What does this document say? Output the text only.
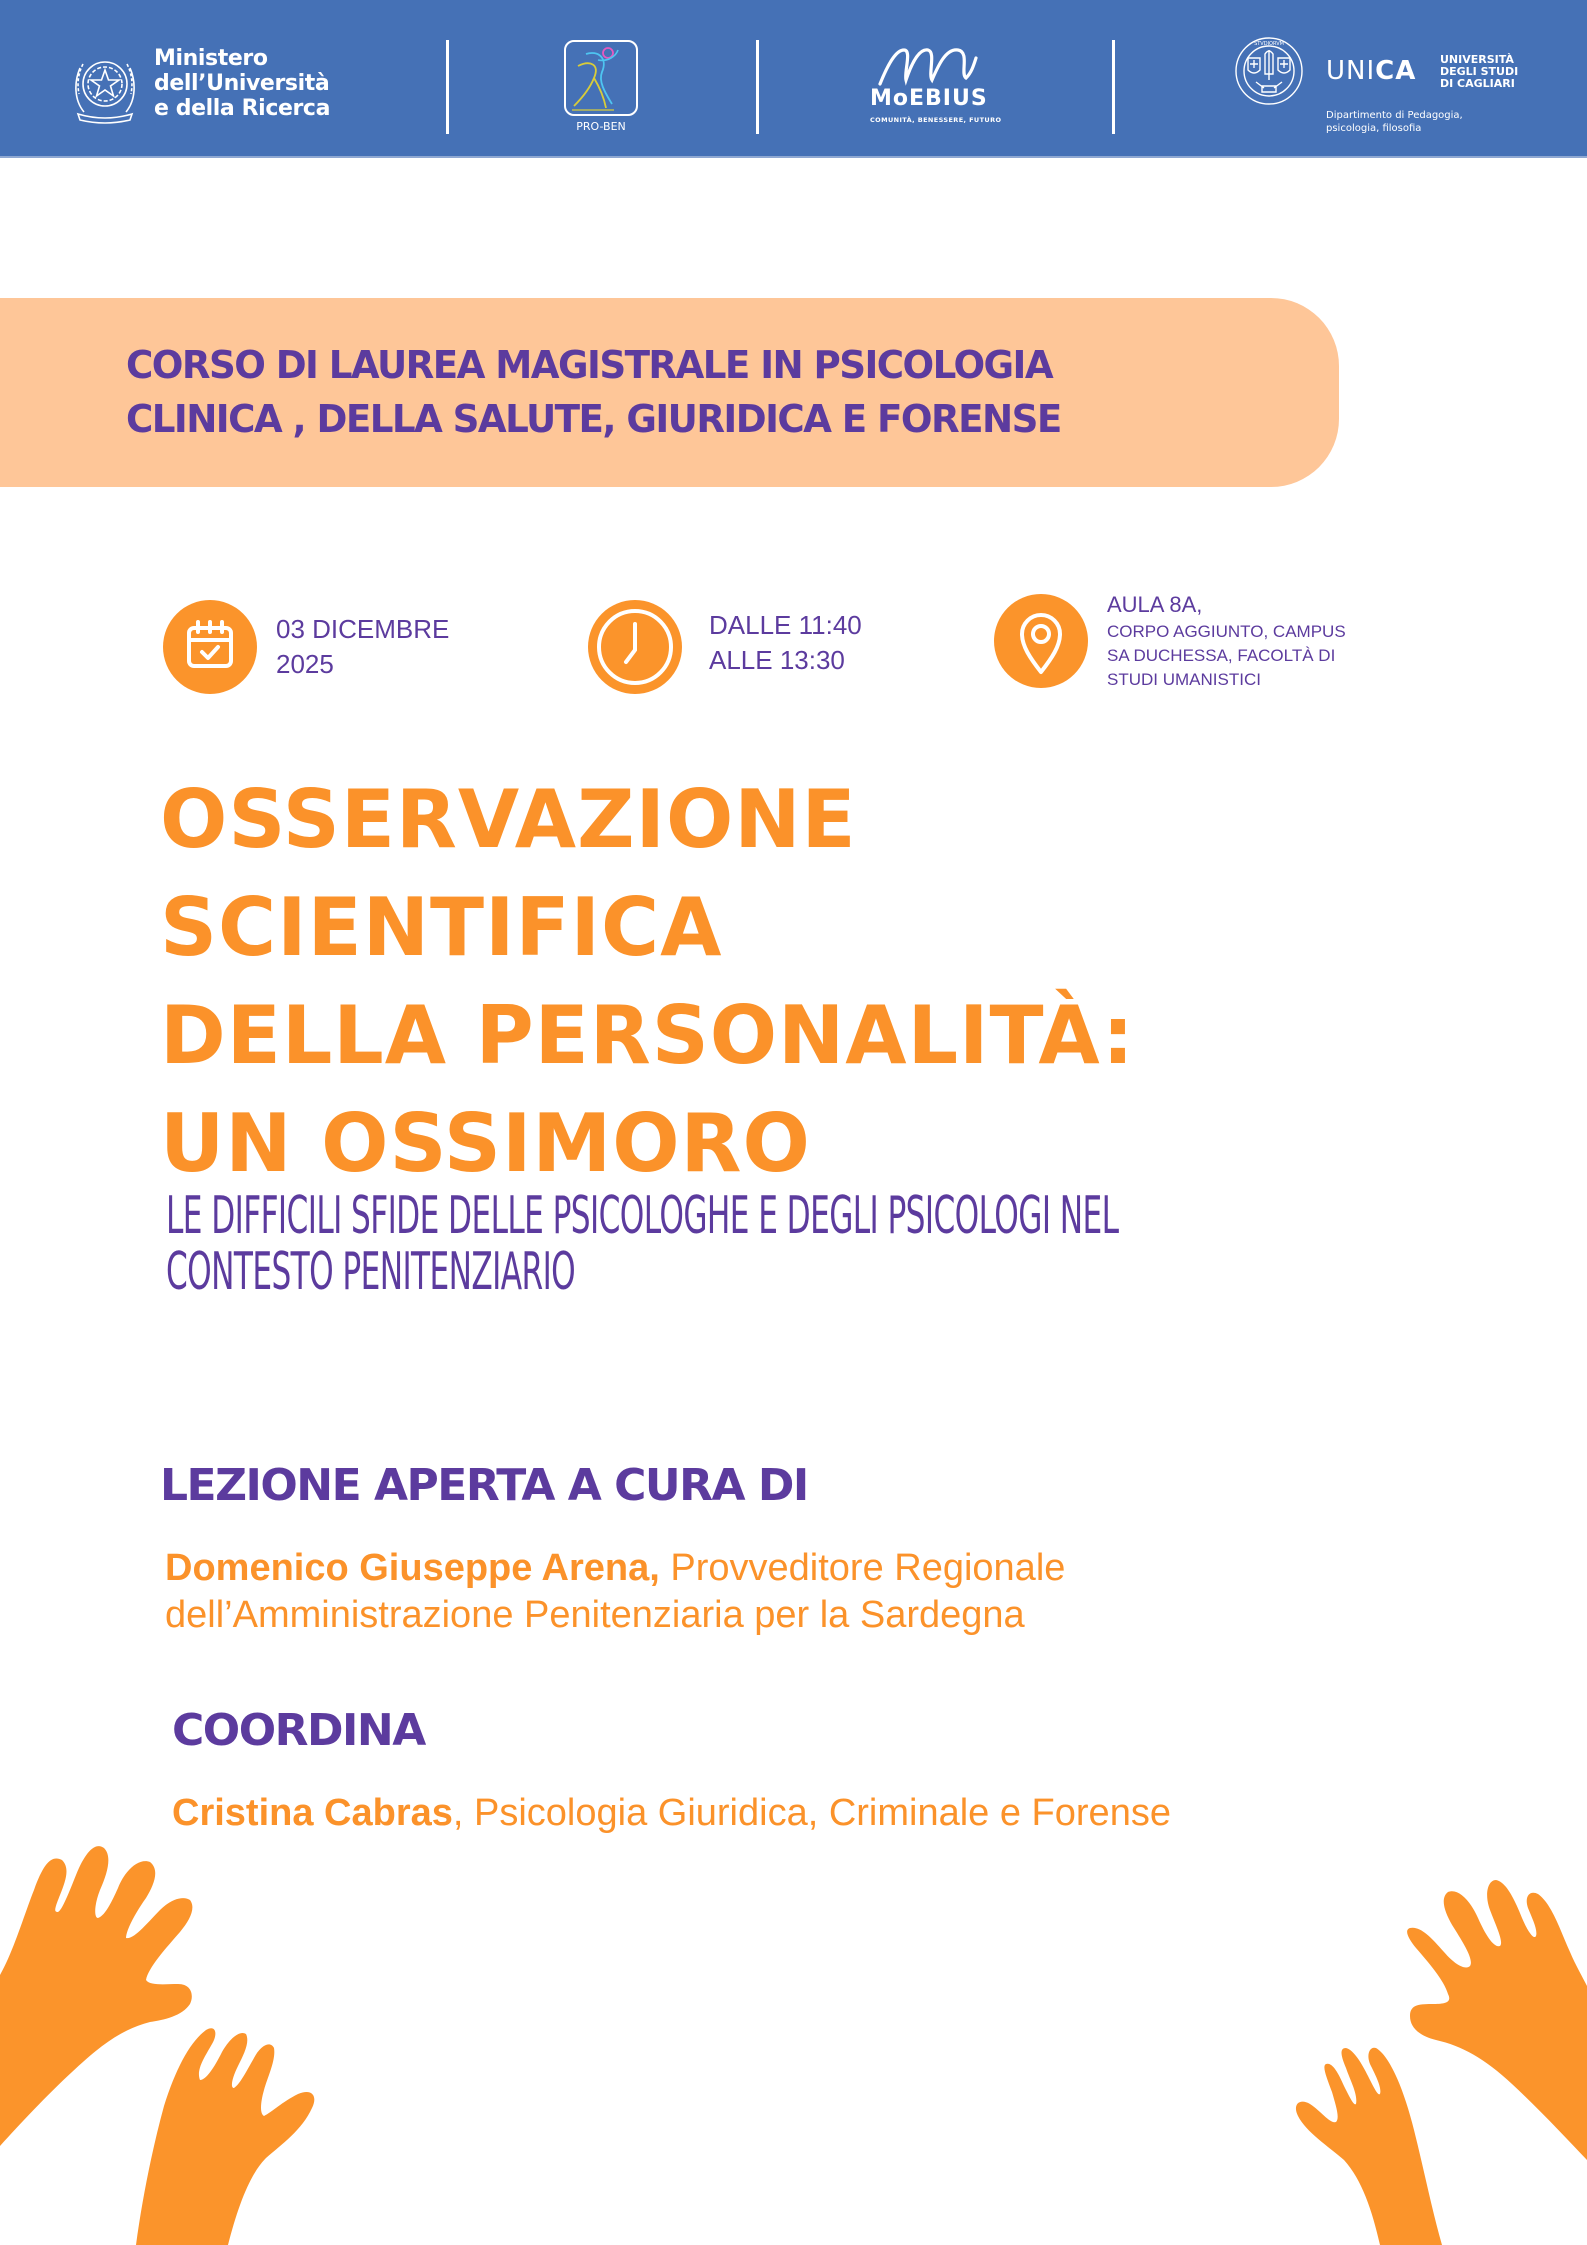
Ministero
dell’Università
e della Ricerca
PRO-BEN
MoEBIUS
COMUNITÀ, BENESSERE, FUTURO
STVDIORVM
UNICA UNIVERSITÀ
DEGLI STUDI
DI CAGLIARI
Dipartimento di Pedagogia,
psicologia, filosofia
CORSO DI LAUREA MAGISTRALE IN PSICOLOGIA
CLINICA , DELLA SALUTE, GIURIDICA E FORENSE
03 DICEMBRE
2025
DALLE 11:40
ALLE 13:30
AULA 8A,
CORPO AGGIUNTO, CAMPUS
SA DUCHESSA, FACOLTÀ DI
STUDI UMANISTICI
OSSERVAZIONE
SCIENTIFICA
DELLA PERSONALITÀ:
UN OSSIMORO
LE DIFFICILI SFIDE DELLE PSICOLOGHE E DEGLI PSICOLOGI NEL
CONTESTO PENITENZIARIO
LEZIONE APERTA A CURA DI
Domenico Giuseppe Arena, Provveditore Regionale
dell’Amministrazione Penitenziaria per la Sardegna
COORDINA
Cristina Cabras, Psicologia Giuridica, Criminale e Forense
